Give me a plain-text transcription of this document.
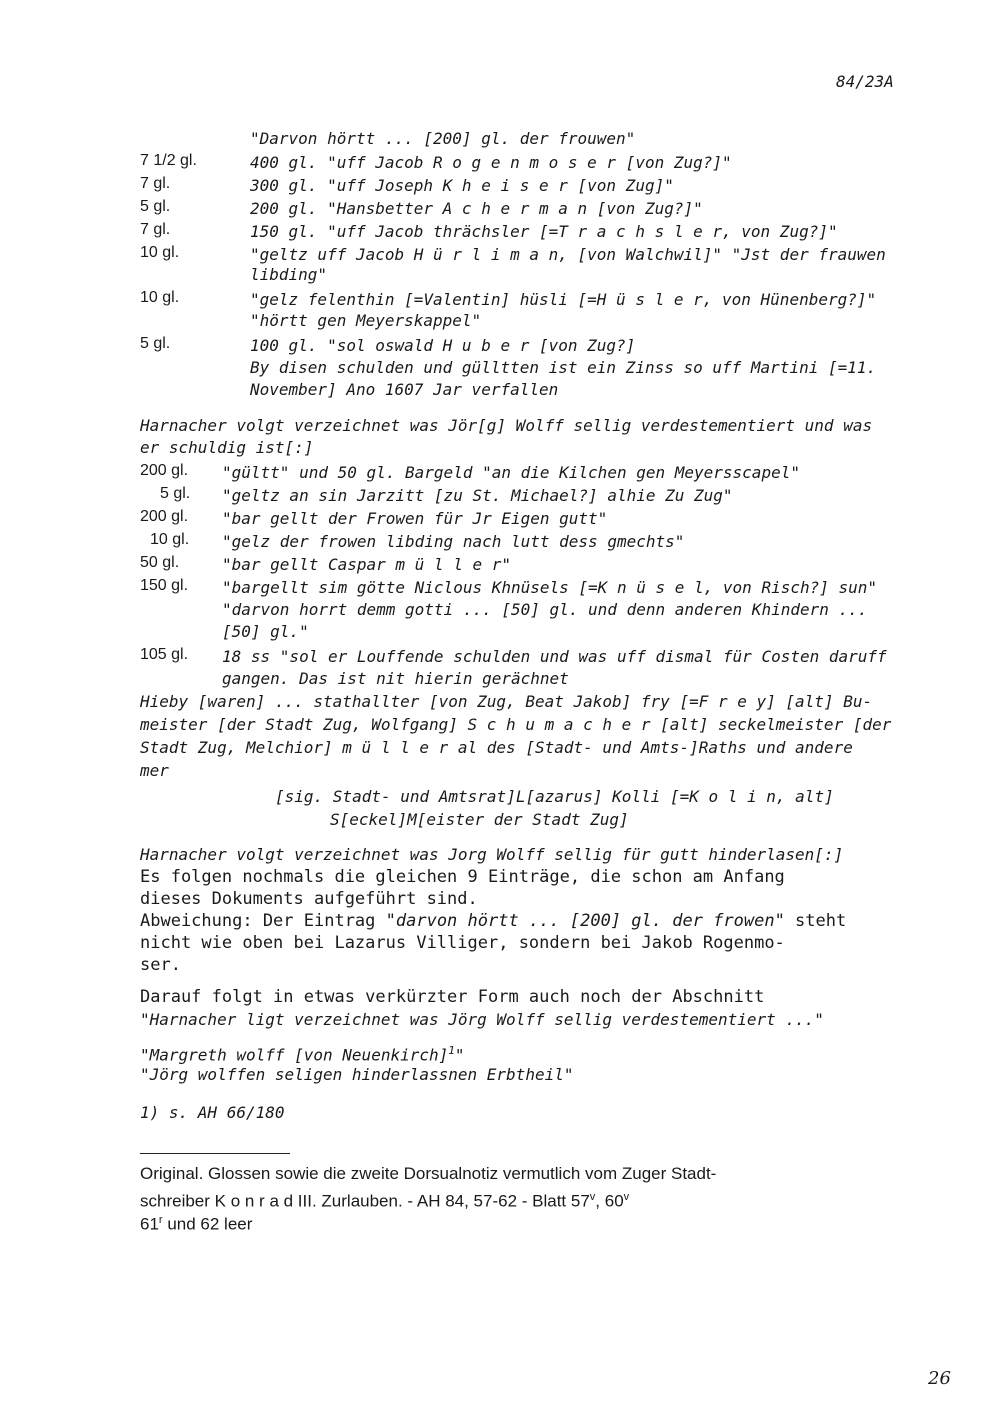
84/23A
"Darvon hörtt ... [200] gl. der frouwen"
7 1/2 gl.	400 gl. "uff Jacob R o g e n m o s e r [von Zug?]"
7 gl.	300 gl. "uff Joseph K h e i s e r [von Zug]"
5 gl.	200 gl. "Hansbetter A c h e r m a n [von Zug?]"
7 gl.	150 gl. "uff Jacob thrächsler [=T r a c h s l e r, von Zug?]"
10 gl.	"geltz uff Jacob H ü r l i m a n, [von Walchwil]" "Jst der frauwen
libding"
10 gl.	"gelz felenthin [=Valentin] hüsli [=H ü s l e r, von Hünenberg?]"
"hörtt gen Meyerskappel"
5 gl.	100 gl. "sol oswald H u b e r [von Zug?]
By disen schulden und gülltten ist ein Zinss so uff Martini [=11.
November] Ano 1607 Jar verfallen
Harnacher volgt verzeichnet was Jör[g] Wolff sellig verdestementiert und was
er schuldig ist[:]
200 gl. "gültt" und 50 gl. Bargeld "an die Kilchen gen Meyersscapel"
5 gl. "geltz an sin Jarzitt [zu St. Michael?] alhie Zu Zug"
200 gl. "bar gellt der Frowen für Jr Eigen gutt"
10 gl. "gelz der frowen libding nach lutt dess gmechts"
50 gl.	"bar gellt Caspar m ü l l e r"
150 gl. "bargellt sim götte Niclous Khnüsels [=K n ü s e l, von Risch?] sun"
"darvon horrt demm gotti ... [50] gl. und denn anderen Khindern ...
[50] gl."
105 gl. 18 ss "sol er Louffende schulden und was uff dismal für Costen daruff
gangen. Das ist nit hierin gerächnet
Hieby [waren] ... stathallter [von Zug, Beat Jakob] fry [=F r e y] [alt] Bu-
meister [der Stadt Zug, Wolfgang] S c h u m a c h e r [alt] seckelmeister [der
Stadt Zug, Melchior] m ü l l e r al des [Stadt- und Amts-]Raths und andere
mer
[sig. Stadt- und Amtsrat]L[azarus] Kolli [=K o l i n, alt]
S[eckel]M[eister der Stadt Zug]
Harnacher volgt verzeichnet was Jorg Wolff sellig für gutt hinderlasen[:]
Es folgen nochmals die gleichen 9 Einträge, die schon am Anfang
dieses Dokuments aufgeführt sind.
Abweichung: Der Eintrag "darvon hörtt ... [200] gl. der frowen" steht
nicht wie oben bei Lazarus Villiger, sondern bei Jakob Rogenmo-
ser.
Darauf folgt in etwas verkürzter Form auch noch der Abschnitt
"Harnacher ligt verzeichnet was Jörg Wolff sellig verdestementiert ..."
"Margreth wolff [von Neuenkirch]$^1$"
"Jörg wolffen seligen hinderlassnen Erbtheil"
1) s. AH 66/180
Original. Glossen sowie die zweite Dorsualnotiz vermutlich vom Zuger Stadt-
schreiber K o n r a d III. Zurlauben. - AH 84, 57-62 - Blatt 57$^v$, 60$^v$
61$^r$ und 62 leer
26
